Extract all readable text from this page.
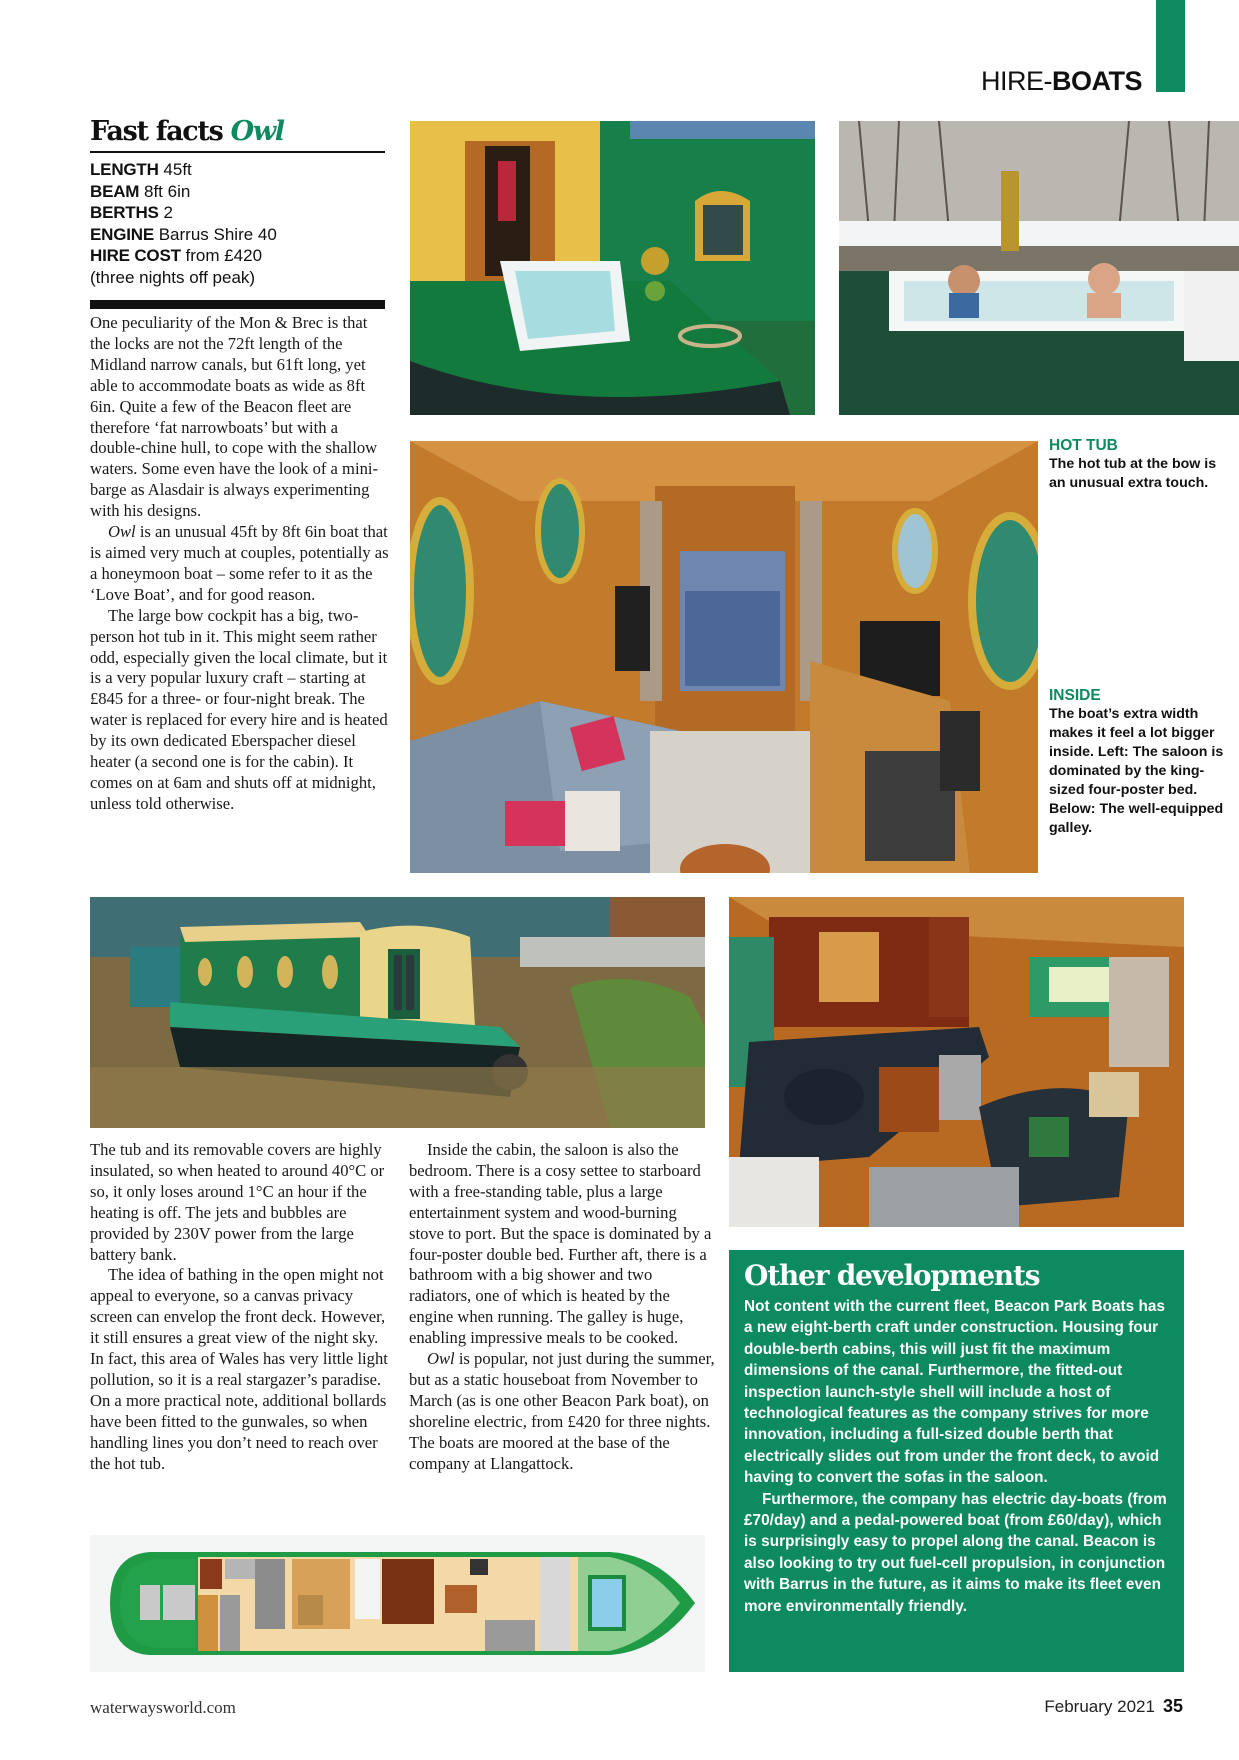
HIRE-BOATS
Fast facts Owl
LENGTH 45ft
BEAM 8ft 6in
BERTHS 2
ENGINE Barrus Shire 40
HIRE COST from £420
(three nights off peak)

One peculiarity of the Mon & Brec is that the locks are not the 72ft length of the Midland narrow canals, but 61ft long, yet able to accommodate boats as wide as 8ft 6in. Quite a few of the Beacon fleet are therefore ‘fat narrowboats’ but with a double-chine hull, to cope with the shallow waters. Some even have the look of a mini-barge as Alasdair is always experimenting with his designs.

Owl is an unusual 45ft by 8ft 6in boat that is aimed very much at couples, potentially as a honeymoon boat – some refer to it as the ‘Love Boat’, and for good reason.

The large bow cockpit has a big, two-person hot tub in it. This might seem rather odd, especially given the local climate, but it is a very popular luxury craft – starting at £845 for a three- or four-night break. The water is replaced for every hire and is heated by its own dedicated Eberspacher diesel heater (a second one is for the cabin). It comes on at 6am and shuts off at midnight, unless told otherwise.

HOT TUB
The hot tub at the bow is an unusual extra touch.
INSIDE
The boat’s extra width makes it feel a lot bigger inside. Left: The saloon is dominated by the king-sized four-poster bed. Below: The well-equipped galley.

The tub and its removable covers are highly insulated, so when heated to around 40°C or so, it only loses around 1°C an hour if the heating is off. The jets and bubbles are provided by 230V power from the large battery bank.

The idea of bathing in the open might not appeal to everyone, so a canvas privacy screen can envelop the front deck. However, it still ensures a great view of the night sky. In fact, this area of Wales has very little light pollution, so it is a real stargazer’s paradise. On a more practical note, additional bollards have been fitted to the gunwales, so when handling lines you don’t need to reach over the hot tub.

Inside the cabin, the saloon is also the bedroom. There is a cosy settee to starboard with a free-standing table, plus a large entertainment system and wood-burning stove to port. But the space is dominated by a four-poster double bed. Further aft, there is a bathroom with a big shower and two radiators, one of which is heated by the engine when running. The galley is huge, enabling impressive meals to be cooked.

Owl is popular, not just during the summer, but as a static houseboat from November to March (as is one other Beacon Park boat), on shoreline electric, from £420 for three nights. The boats are moored at the base of the company at Llangattock.

Other developments

Not content with the current fleet, Beacon Park Boats has a new eight-berth craft under construction. Housing four double-berth cabins, this will just fit the maximum dimensions of the canal. Furthermore, the fitted-out inspection launch-style shell will include a host of technological features as the company strives for more innovation, including a full-sized double berth that electrically slides out from under the front deck, to avoid having to convert the sofas in the saloon.

Furthermore, the company has electric day-boats (from £70/day) and a pedal-powered boat (from £60/day), which is surprisingly easy to propel along the canal. Beacon is also looking to try out fuel-cell propulsion, in conjunction with Barrus in the future, as it aims to make its fleet even more environmentally friendly.

waterwaysworld.com	February 2021 35
